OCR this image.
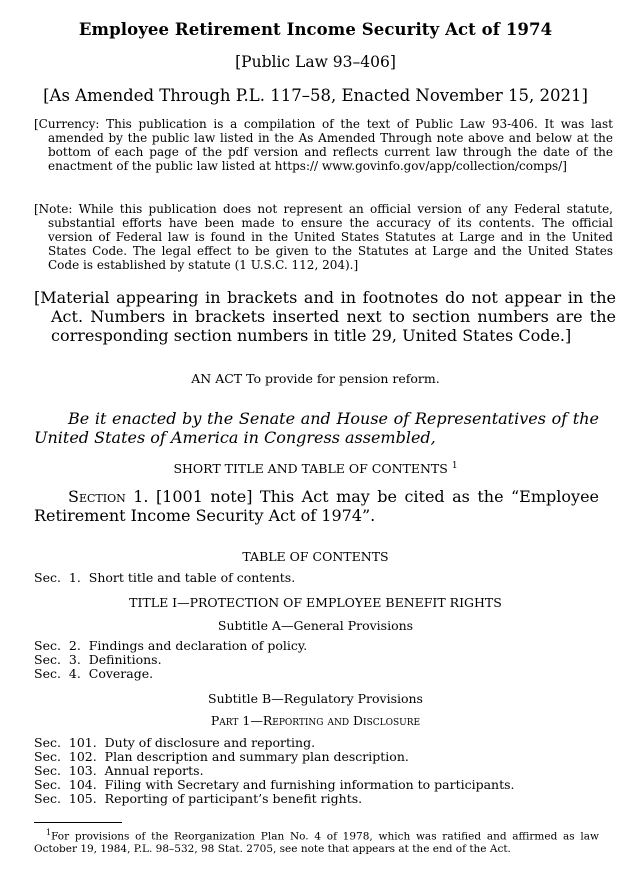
Employee Retirement Income Security Act of 1974
[Public Law 93–406]
[As Amended Through P.L. 117–58, Enacted November 15, 2021]
[Currency: This publication is a compilation of the text of Public Law 93-406. It was last amended by the public law listed in the As Amended Through note above and below at the bottom of each page of the pdf version and reflects current law through the date of the enactment of the public law listed at https:// www.govinfo.gov/app/collection/comps/]
[Note: While this publication does not represent an official version of any Federal statute, substantial efforts have been made to ensure the accuracy of its contents. The official version of Federal law is found in the United States Statutes at Large and in the United States Code. The legal effect to be given to the Statutes at Large and the United States Code is established by statute (1 U.S.C. 112, 204).]
[Material appearing in brackets and in footnotes do not appear in the Act. Numbers in brackets inserted next to section numbers are the corresponding section numbers in title 29, United States Code.]
AN ACT To provide for pension reform.
Be it enacted by the Senate and House of Representatives of the United States of America in Congress assembled,
SHORT TITLE AND TABLE OF CONTENTS $^1$
Section 1. [1001 note] This Act may be cited as the “Employee Retirement Income Security Act of 1974”.
TABLE OF CONTENTS
Sec.  1.  Short title and table of contents.
TITLE I—PROTECTION OF EMPLOYEE BENEFIT RIGHTS
Subtitle A—General Provisions
Sec.  2.  Findings and declaration of policy.
Sec.  3.  Definitions.
Sec.  4.  Coverage.
Subtitle B—Regulatory Provisions
Part 1—Reporting and Disclosure
Sec.  101.  Duty of disclosure and reporting.
Sec.  102.  Plan description and summary plan description.
Sec.  103.  Annual reports.
Sec.  104.  Filing with Secretary and furnishing information to participants.
Sec.  105.  Reporting of participant’s benefit rights.
$^1$For provisions of the Reorganization Plan No. 4 of 1978, which was ratified and affirmed as law October 19, 1984, P.L. 98–532, 98 Stat. 2705, see note that appears at the end of the Act.
